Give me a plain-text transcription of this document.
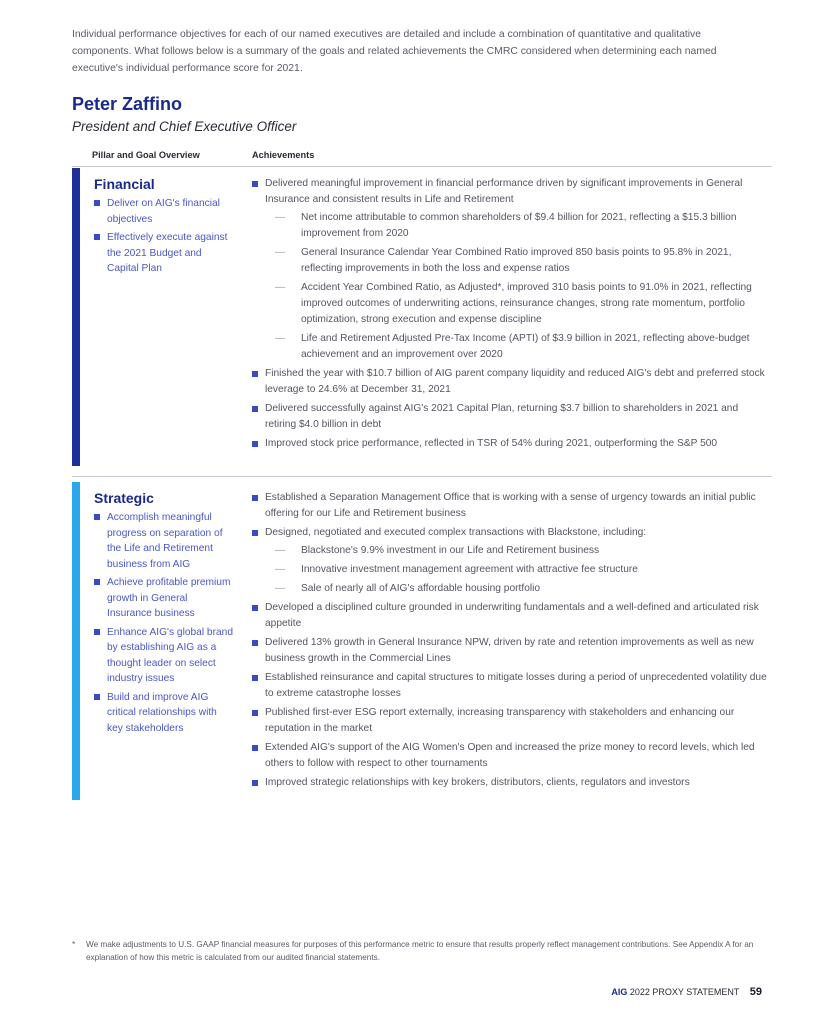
Individual performance objectives for each of our named executives are detailed and include a combination of quantitative and qualitative components. What follows below is a summary of the goals and related achievements the CMRC considered when determining each named executive's individual performance score for 2021.
Peter Zaffino
President and Chief Executive Officer
Pillar and Goal Overview	Achievements
Financial
Deliver on AIG's financial objectives
Effectively execute against the 2021 Budget and Capital Plan
Delivered meaningful improvement in financial performance driven by significant improvements in General Insurance and consistent results in Life and Retirement
— Net income attributable to common shareholders of $9.4 billion for 2021, reflecting a $15.3 billion improvement from 2020
— General Insurance Calendar Year Combined Ratio improved 850 basis points to 95.8% in 2021, reflecting improvements in both the loss and expense ratios
— Accident Year Combined Ratio, as Adjusted*, improved 310 basis points to 91.0% in 2021, reflecting improved outcomes of underwriting actions, reinsurance changes, strong rate momentum, portfolio optimization, strong execution and expense discipline
— Life and Retirement Adjusted Pre-Tax Income (APTI) of $3.9 billion in 2021, reflecting above-budget achievement and an improvement over 2020
Finished the year with $10.7 billion of AIG parent company liquidity and reduced AIG's debt and preferred stock leverage to 24.6% at December 31, 2021
Delivered successfully against AIG's 2021 Capital Plan, returning $3.7 billion to shareholders in 2021 and retiring $4.0 billion in debt
Improved stock price performance, reflected in TSR of 54% during 2021, outperforming the S&P 500
Strategic
Accomplish meaningful progress on separation of the Life and Retirement business from AIG
Achieve profitable premium growth in General Insurance business
Enhance AIG's global brand by establishing AIG as a thought leader on select industry issues
Build and improve AIG critical relationships with key stakeholders
Established a Separation Management Office that is working with a sense of urgency towards an initial public offering for our Life and Retirement business
Designed, negotiated and executed complex transactions with Blackstone, including:
— Blackstone's 9.9% investment in our Life and Retirement business
— Innovative investment management agreement with attractive fee structure
— Sale of nearly all of AIG's affordable housing portfolio
Developed a disciplined culture grounded in underwriting fundamentals and a well-defined and articulated risk appetite
Delivered 13% growth in General Insurance NPW, driven by rate and retention improvements as well as new business growth in the Commercial Lines
Established reinsurance and capital structures to mitigate losses during a period of unprecedented volatility due to extreme catastrophe losses
Published first-ever ESG report externally, increasing transparency with stakeholders and enhancing our reputation in the market
Extended AIG's support of the AIG Women's Open and increased the prize money to record levels, which led others to follow with respect to other tournaments
Improved strategic relationships with key brokers, distributors, clients, regulators and investors
*	We make adjustments to U.S. GAAP financial measures for purposes of this performance metric to ensure that results properly reflect management contributions. See Appendix A for an explanation of how this metric is calculated from our audited financial statements.
AIG 2022 PROXY STATEMENT 59
